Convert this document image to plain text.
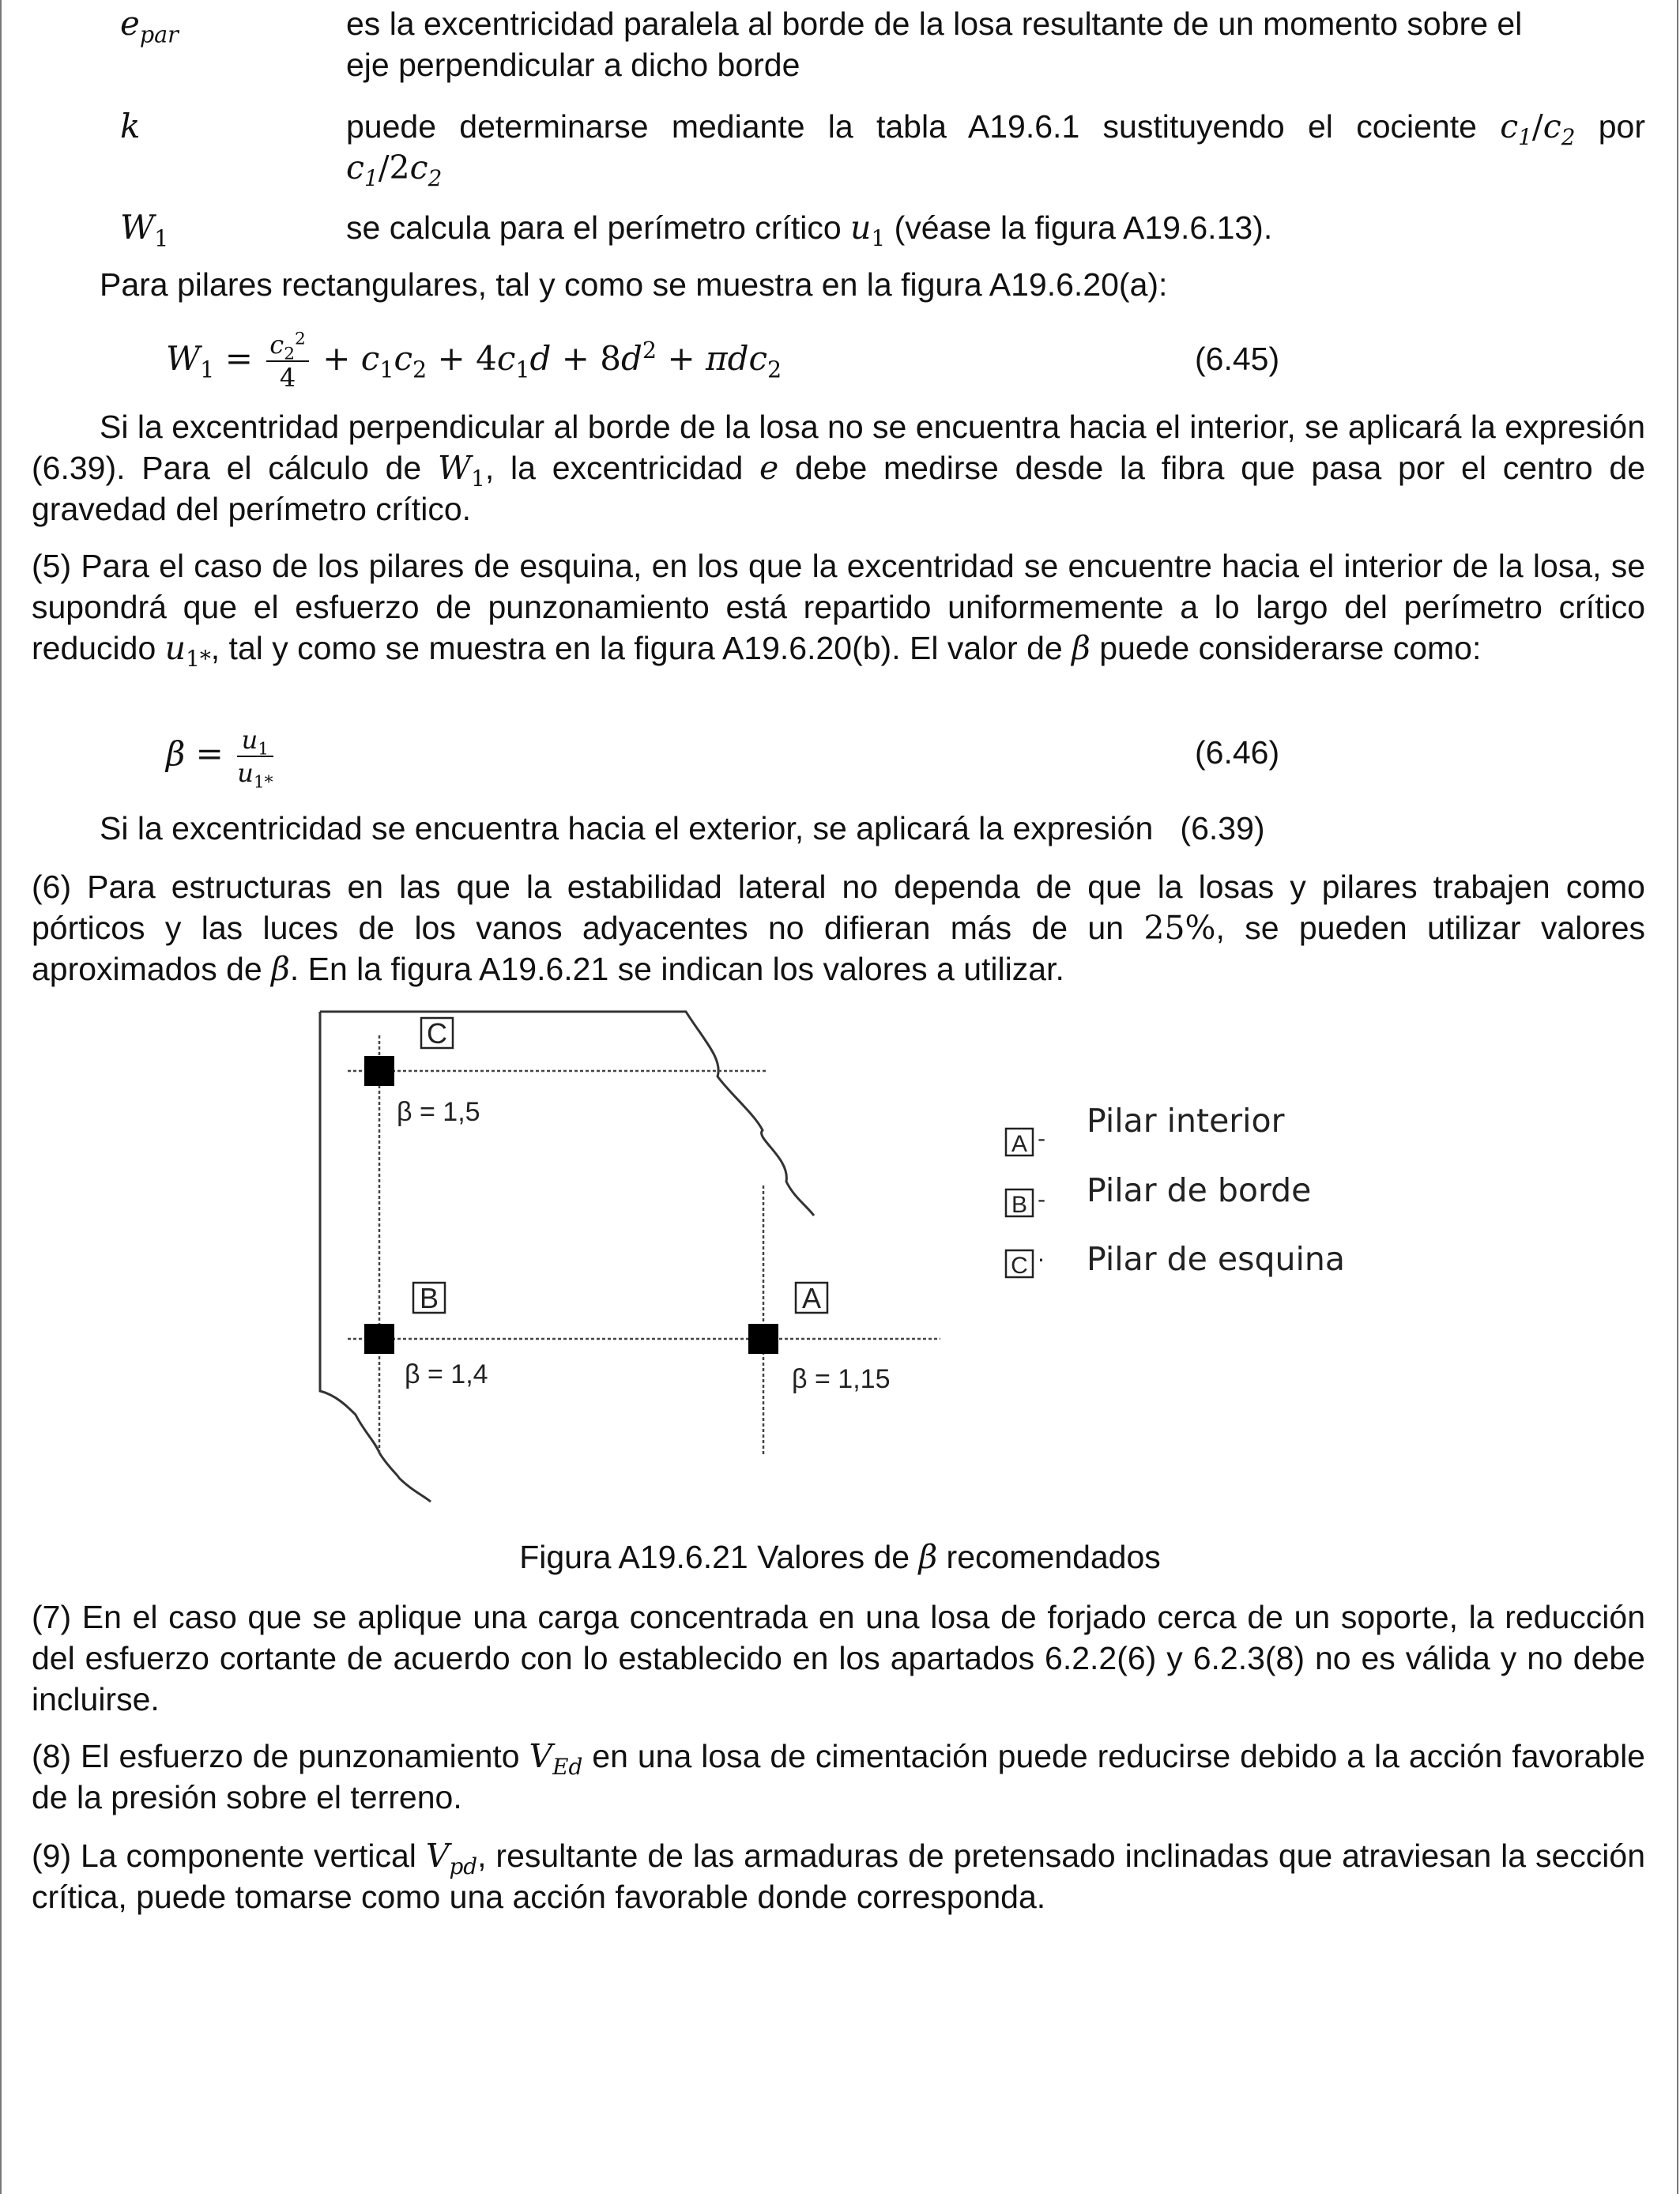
$e_{par}$	es la excentricidad paralela al borde de la losa resultante de un momento sobre el
eje perpendicular a dicho borde
k	puede determinarse mediante la tabla A19.6.1 sustituyendo el cociente $c_1/c_2$ por
$c_1/2c_2$
$W_1$	se calcula para el perímetro crítico $u_1$ (véase la figura A19.6.13).
Para pilares rectangulares, tal y como se muestra en la figura A19.6.20(a):
$W_1 = \frac{c_2^2}{4} + c_1c_2 + 4c_1d + 8d^2 + \pi dc_2$	(6.45)
Si la excentridad perpendicular al borde de la losa no se encuentra hacia el interior, se aplicará la expresión (6.39). Para el cálculo de $W_1$, la excentricidad e debe medirse desde la fibra que pasa por el centro de gravedad del perímetro crítico.
(5) Para el caso de los pilares de esquina, en los que la excentridad se encuentre hacia el interior de la losa, se supondrá que el esfuerzo de punzonamiento está repartido uniformemente a lo largo del perímetro crítico reducido $u_{1*}$, tal y como se muestra en la figura A19.6.20(b). El valor de β puede considerarse como:
$\beta = \frac{u_1}{u_{1*}}$	(6.46)
Si la excentricidad se encuentra hacia el exterior, se aplicará la expresión   (6.39)
(6) Para estructuras en las que la estabilidad lateral no dependa de que la losas y pilares trabajen como pórticos y las luces de los vanos adyacentes no difieran más de un 25%, se pueden utilizar valores aproximados de β. En la figura A19.6.21 se indican los valores a utilizar.
C
B	A
β = 1,5
β = 1,4	β = 1,15
A - Pilar interior
B - Pilar de borde
C · Pilar de esquina
Figura A19.6.21 Valores de β recomendados
(7) En el caso que se aplique una carga concentrada en una losa de forjado cerca de un soporte, la reducción del esfuerzo cortante de acuerdo con lo establecido en los apartados 6.2.2(6) y 6.2.3(8) no es válida y no debe incluirse.
(8) El esfuerzo de punzonamiento $V_{Ed}$ en una losa de cimentación puede reducirse debido a la acción favorable de la presión sobre el terreno.
(9) La componente vertical $V_{pd}$, resultante de las armaduras de pretensado inclinadas que atraviesan la sección crítica, puede tomarse como una acción favorable donde corresponda.
